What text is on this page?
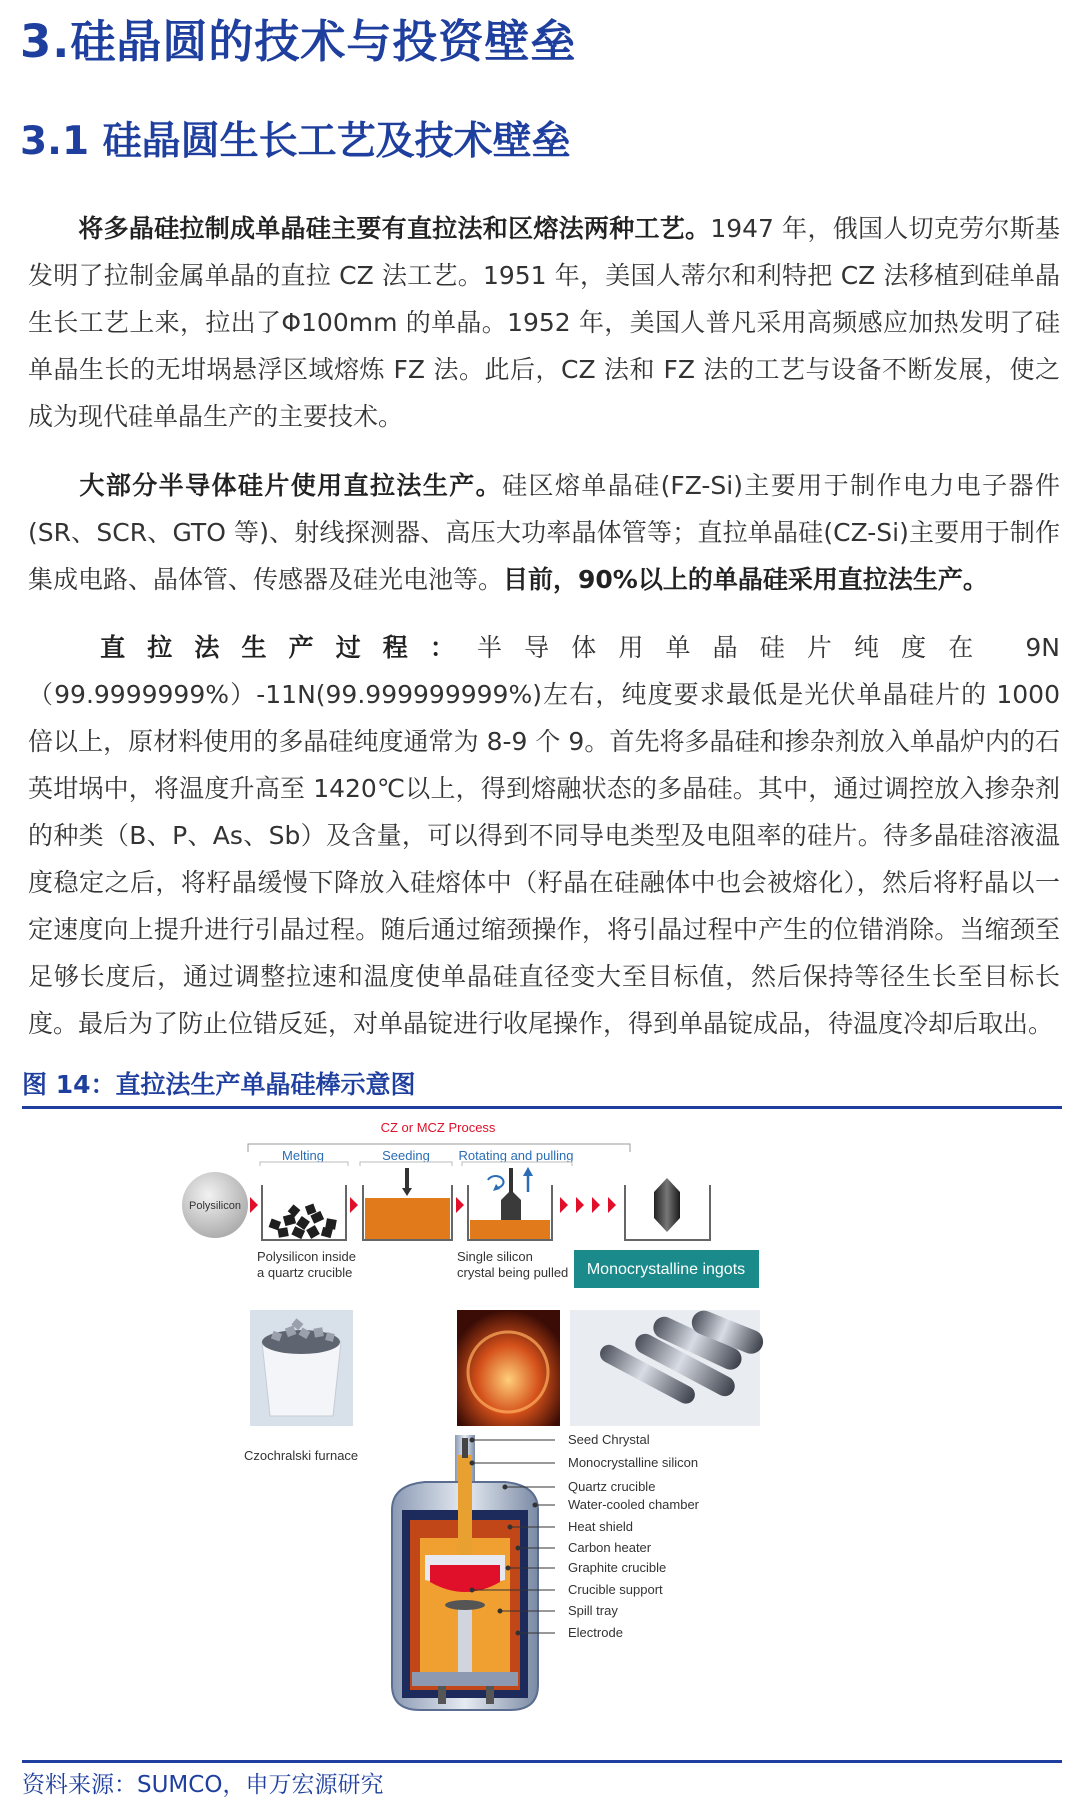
3.硅晶圆的技术与投资壁垒
3.1 硅晶圆生长工艺及技术壁垒

将多晶硅拉制成单晶硅主要有直拉法和区熔法两种工艺。1947 年，俄国人切克劳尔斯基发明了拉制金属单晶的直拉 CZ 法工艺。1951 年，美国人蒂尔和利特把 CZ 法移植到硅单晶生长工艺上来，拉出了Φ100mm 的单晶。1952 年，美国人普凡采用高频感应加热发明了硅单晶生长的无坩埚悬浮区域熔炼 FZ 法。此后，CZ 法和 FZ 法的工艺与设备不断发展，使之成为现代硅单晶生产的主要技术。

大部分半导体硅片使用直拉法生产。硅区熔单晶硅(FZ-Si)主要用于制作电力电子器件(SR、SCR、GTO 等)、射线探测器、高压大功率晶体管等；直拉单晶硅(CZ-Si)主要用于制作集成电路、晶体管、传感器及硅光电池等。目前，90%以上的单晶硅采用直拉法生产。

直拉法生产过程：半导体用单晶硅片纯度在 9N（99.9999999%）-11N(99.999999999%)左右，纯度要求最低是光伏单晶硅片的 1000 倍以上，原材料使用的多晶硅纯度通常为 8-9 个 9。首先将多晶硅和掺杂剂放入单晶炉内的石英坩埚中，将温度升高至 1420℃以上，得到熔融状态的多晶硅。其中，通过调控放入掺杂剂的种类（B、P、As、Sb）及含量，可以得到不同导电类型及电阻率的硅片。待多晶硅溶液温度稳定之后，将籽晶缓慢下降放入硅熔体中（籽晶在硅融体中也会被熔化），然后将籽晶以一定速度向上提升进行引晶过程。随后通过缩颈操作，将引晶过程中产生的位错消除。当缩颈至足够长度后，通过调整拉速和温度使单晶硅直径变大至目标值，然后保持等径生长至目标长度。最后为了防止位错反延，对单晶锭进行收尾操作，得到单晶锭成品，待温度冷却后取出。

图 14：直拉法生产单晶硅棒示意图
CZ or MCZ Process
Melting	Seeding Rotating and pulling
Polysilicon
Polysilicon inside
a quartz crucible
Single silicon
crystal being pulled Monocrystalline ingots
Czochralski furnace
Seed Chrystal
Monocrystalline silicon
Quartz crucible
Water-cooled chamber
Heat shield
Carbon heater
Graphite crucible
Crucible support
Spill tray
Electrode
资料来源：SUMCO，申万宏源研究
